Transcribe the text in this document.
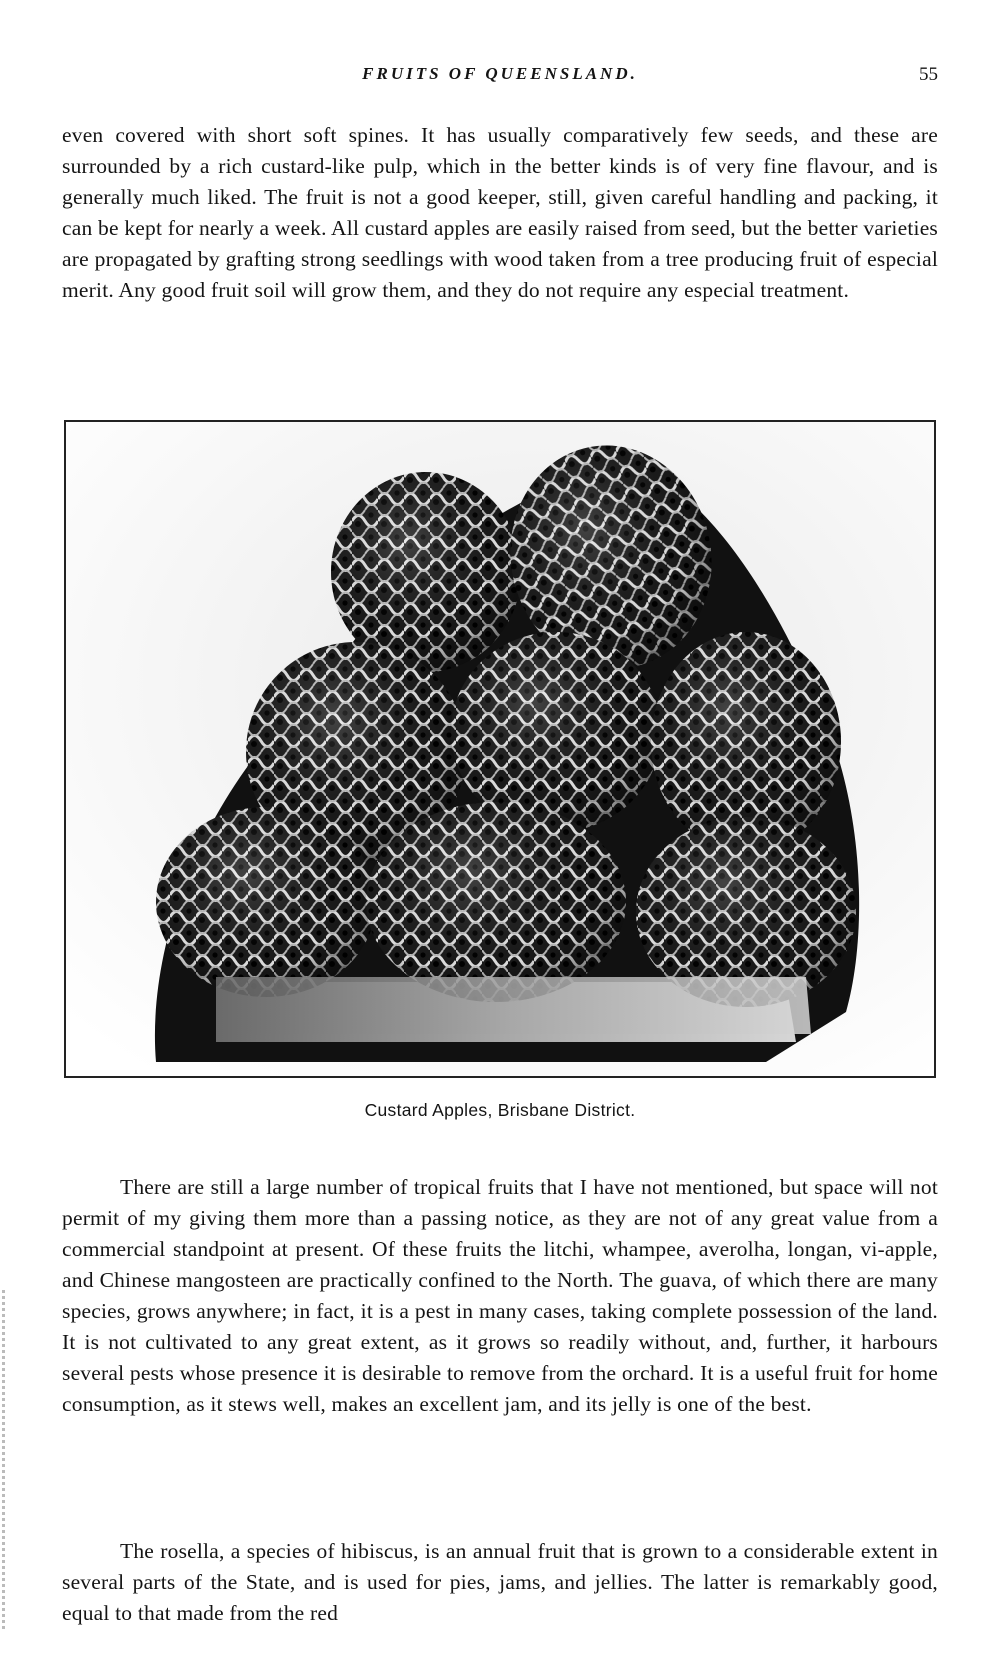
FRUITS OF QUEENSLAND.	55

even covered with short soft spines. It has usually comparatively few seeds, and these are surrounded by a rich custard-like pulp, which in the better kinds is of very fine flavour, and is generally much liked. The fruit is not a good keeper, still, given careful handling and packing, it can be kept for nearly a week. All custard apples are easily raised from seed, but the better varieties are propagated by grafting strong seedlings with wood taken from a tree producing fruit of especial merit. Any good fruit soil will grow them, and they do not require any especial treatment.

Custard Apples, Brisbane District.

There are still a large number of tropical fruits that I have not mentioned, but space will not permit of my giving them more than a passing notice, as they are not of any great value from a commercial standpoint at present. Of these fruits the litchi, whampee, averolha, longan, vi-apple, and Chinese mangosteen are practically confined to the North. The guava, of which there are many species, grows anywhere; in fact, it is a pest in many cases, taking complete possession of the land. It is not cultivated to any great extent, as it grows so readily without, and, further, it harbours several pests whose presence it is desirable to remove from the orchard. It is a useful fruit for home consumption, as it stews well, makes an excellent jam, and its jelly is one of the best.

The rosella, a species of hibiscus, is an annual fruit that is grown to a considerable extent in several parts of the State, and is used for pies, jams, and jellies. The latter is remarkably good, equal to that made from the red
